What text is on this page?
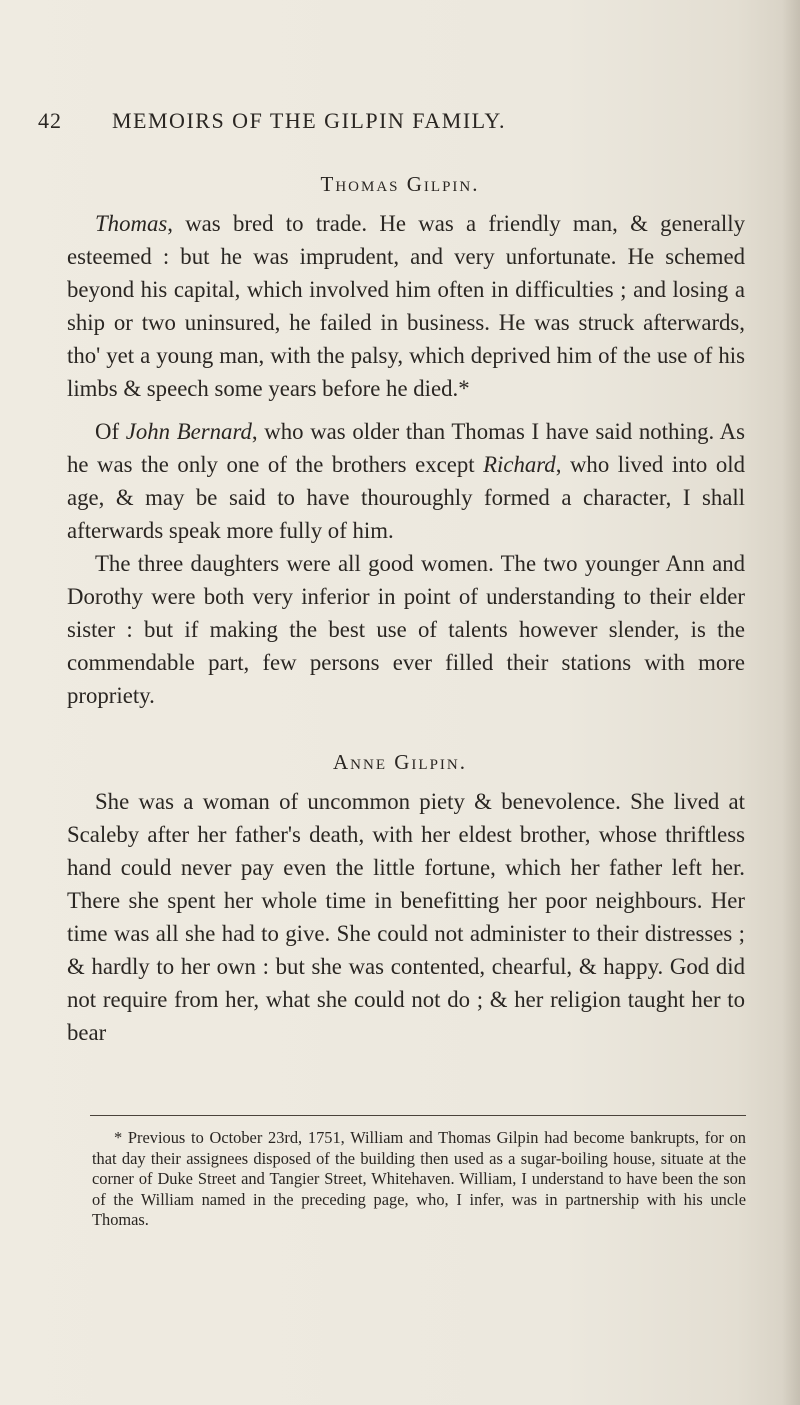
42 MEMOIRS OF THE GILPIN FAMILY.
Thomas Gilpin.

Thomas, was bred to trade. He was a friendly man, & generally esteemed : but he was imprudent, and very unfortunate. He schemed beyond his capital, which involved him often in difficulties ; and losing a ship or two uninsured, he failed in business. He was struck afterwards, tho' yet a young man, with the palsy, which deprived him of the use of his limbs & speech some years before he died.*

Of John Bernard, who was older than Thomas I have said nothing. As he was the only one of the brothers except Richard, who lived into old age, & may be said to have thouroughly formed a character, I shall afterwards speak more fully of him.

The three daughters were all good women. The two younger Ann and Dorothy were both very inferior in point of understanding to their elder sister : but if making the best use of talents however slender, is the commendable part, few persons ever filled their stations with more propriety.

Anne Gilpin.

She was a woman of uncommon piety & benevolence. She lived at Scaleby after her father's death, with her eldest brother, whose thriftless hand could never pay even the little fortune, which her father left her. There she spent her whole time in benefitting her poor neighbours. Her time was all she had to give. She could not administer to their distresses ; & hardly to her own : but she was contented, chearful, & happy. God did not require from her, what she could not do ; & her religion taught her to bear

* Previous to October 23rd, 1751, William and Thomas Gilpin had become bankrupts, for on that day their assignees disposed of the building then used as a sugar-boiling house, situate at the corner of Duke Street and Tangier Street, Whitehaven. William, I understand to have been the son of the William named in the preceding page, who, I infer, was in partnership with his uncle Thomas.
